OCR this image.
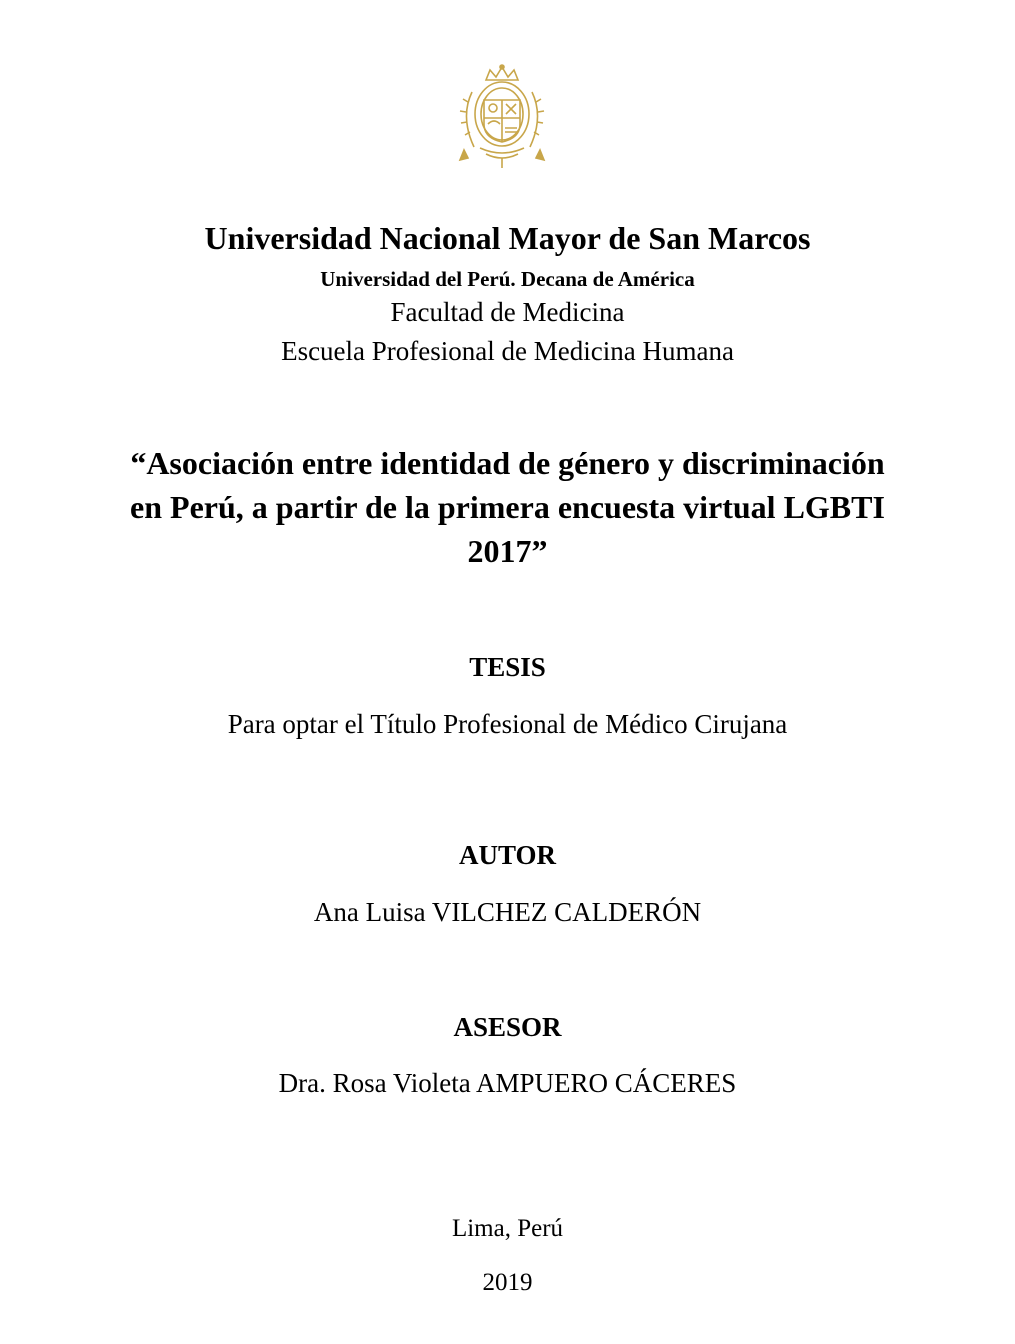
Universidad Nacional Mayor de San Marcos
Universidad del Perú. Decana de América
Facultad de Medicina
Escuela Profesional de Medicina Humana
“Asociación entre identidad de género y discriminación
en Perú, a partir de la primera encuesta virtual LGBTI
2017”
TESIS
Para optar el Título Profesional de Médico Cirujana
AUTOR
Ana Luisa VILCHEZ CALDERÓN
ASESOR
Dra. Rosa Violeta AMPUERO CÁCERES
Lima, Perú
2019
